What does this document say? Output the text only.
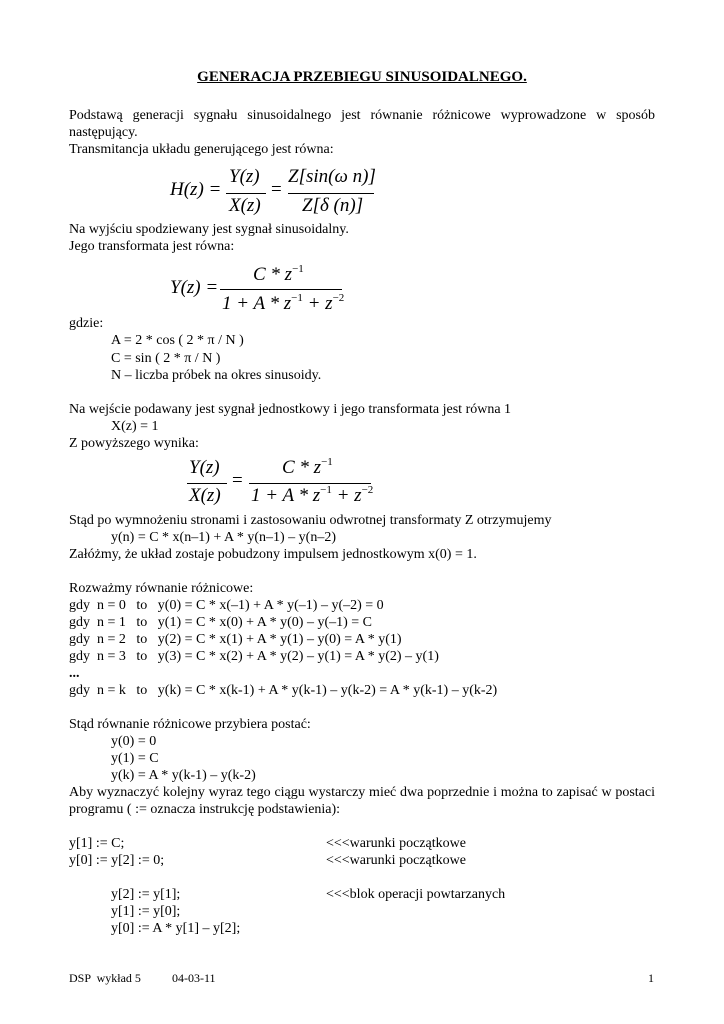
GENERACJA PRZEBIEGU SINUSOIDALNEGO.
Podstawą generacji sygnału sinusoidalnego jest równanie różnicowe wyprowadzone w sposób następujący.
Transmitancja układu generującego jest równa:
H(z) =
Y(z)
X(z)
=
Z[sin(ω n)]
Z[δ (n)]
Na wyjściu spodziewany jest sygnał sinusoidalny.
Jego transformata jest równa:
Y(z) =
C * $z^{-1}$
$1 + A * z^{-1} + z^{-2}$
gdzie:
A = 2 * cos ( 2 * π / N )
C = sin ( 2 * π / N )
N – liczba próbek na okres sinusoidy.
Na wejście podawany jest sygnał jednostkowy i jego transformata jest równa 1
X(z) = 1
Z powyższego wynika:
Y(z)
X(z)
=
C * $z^{-1}$
$1 + A * z^{-1} + z^{-2}$
Stąd po wymnożeniu stronami i zastosowaniu odwrotnej transformaty Z otrzymujemy
y(n) = C * x(n–1) + A * y(n–1) – y(n–2)
Załóżmy, że układ zostaje pobudzony impulsem jednostkowym x(0) = 1.
Rozważmy równanie różnicowe:
gdy  n = 0   to   y(0) = C * x(–1) + A * y(–1) – y(–2) = 0
gdy  n = 1   to   y(1) = C * x(0) + A * y(0) – y(–1) = C
gdy  n = 2   to   y(2) = C * x(1) + A * y(1) – y(0) = A * y(1)
gdy  n = 3   to   y(3) = C * x(2) + A * y(2) – y(1) = A * y(2) – y(1)
...
gdy  n = k   to   y(k) = C * x(k-1) + A * y(k-1) – y(k-2) = A * y(k-1) – y(k-2)
Stąd równanie różnicowe przybiera postać:
y(0) = 0
y(1) = C
y(k) = A * y(k-1) – y(k-2)
Aby wyznaczyć kolejny wyraz tego ciągu wystarczy mieć dwa poprzednie i można to zapisać w postaci programu ( := oznacza instrukcję podstawienia):
y[1] := C;	<<<warunki początkowe
y[0] := y[2] := 0;	<<<warunki początkowe
y[2] := y[1];	<<<blok operacji powtarzanych
y[1] := y[0];
y[0] := A * y[1] – y[2];
DSP  wykład 5	04-03-11	1
